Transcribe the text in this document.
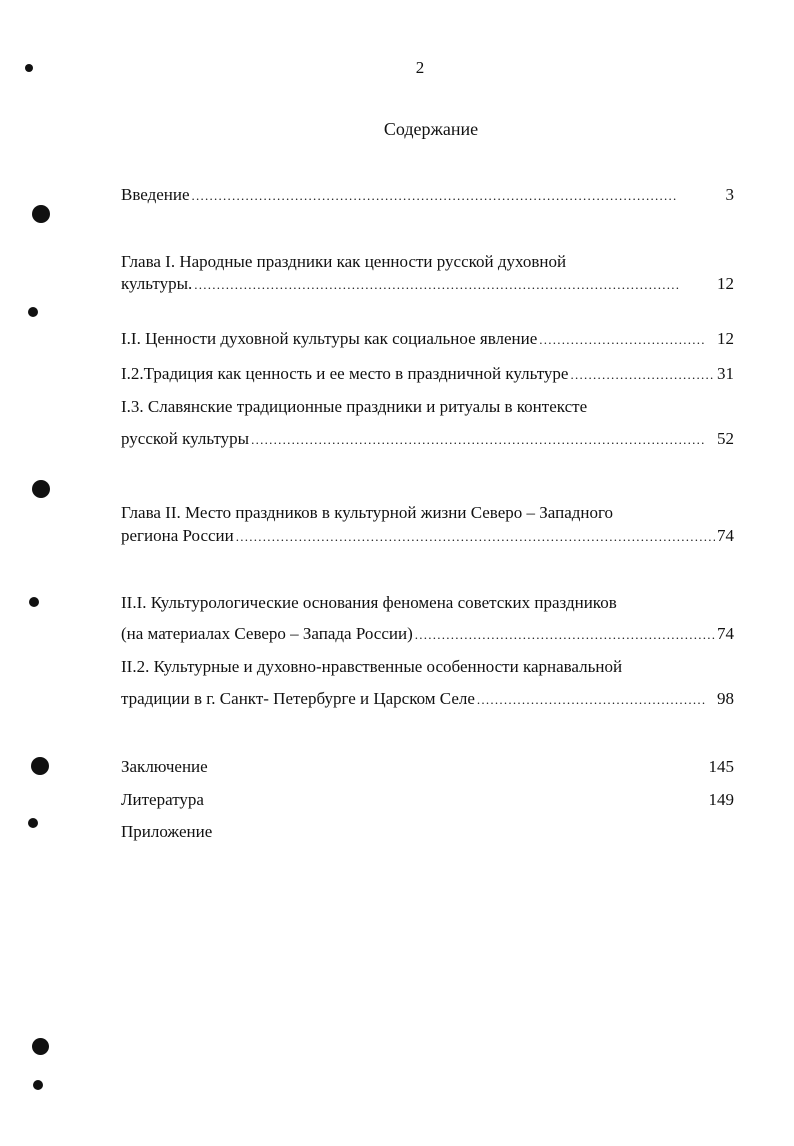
2
Содержание
Введение . . .	3
Глава I. Народные праздники как ценности русской духовной
культуры. . . .	12
I.I. Ценности духовной культуры как социальное явление . . .	12
I.2.Традиция как ценность и ее место в праздничной культуре . . .	31
I.3. Славянские традиционные праздники и ритуалы в контексте
русской культуры . . .	52
Глава II. Место праздников в культурной жизни Северо – Западного
региона России . . .	74
II.I. Культурологические основания феномена советских праздников
(на материалах Северо – Запада России) . . .	74
II.2. Культурные и духовно-нравственные особенности карнавальной
традиции в г. Санкт- Петербурге и Царском Селе . . .	98
Заключение	145
Литература	149
Приложение
